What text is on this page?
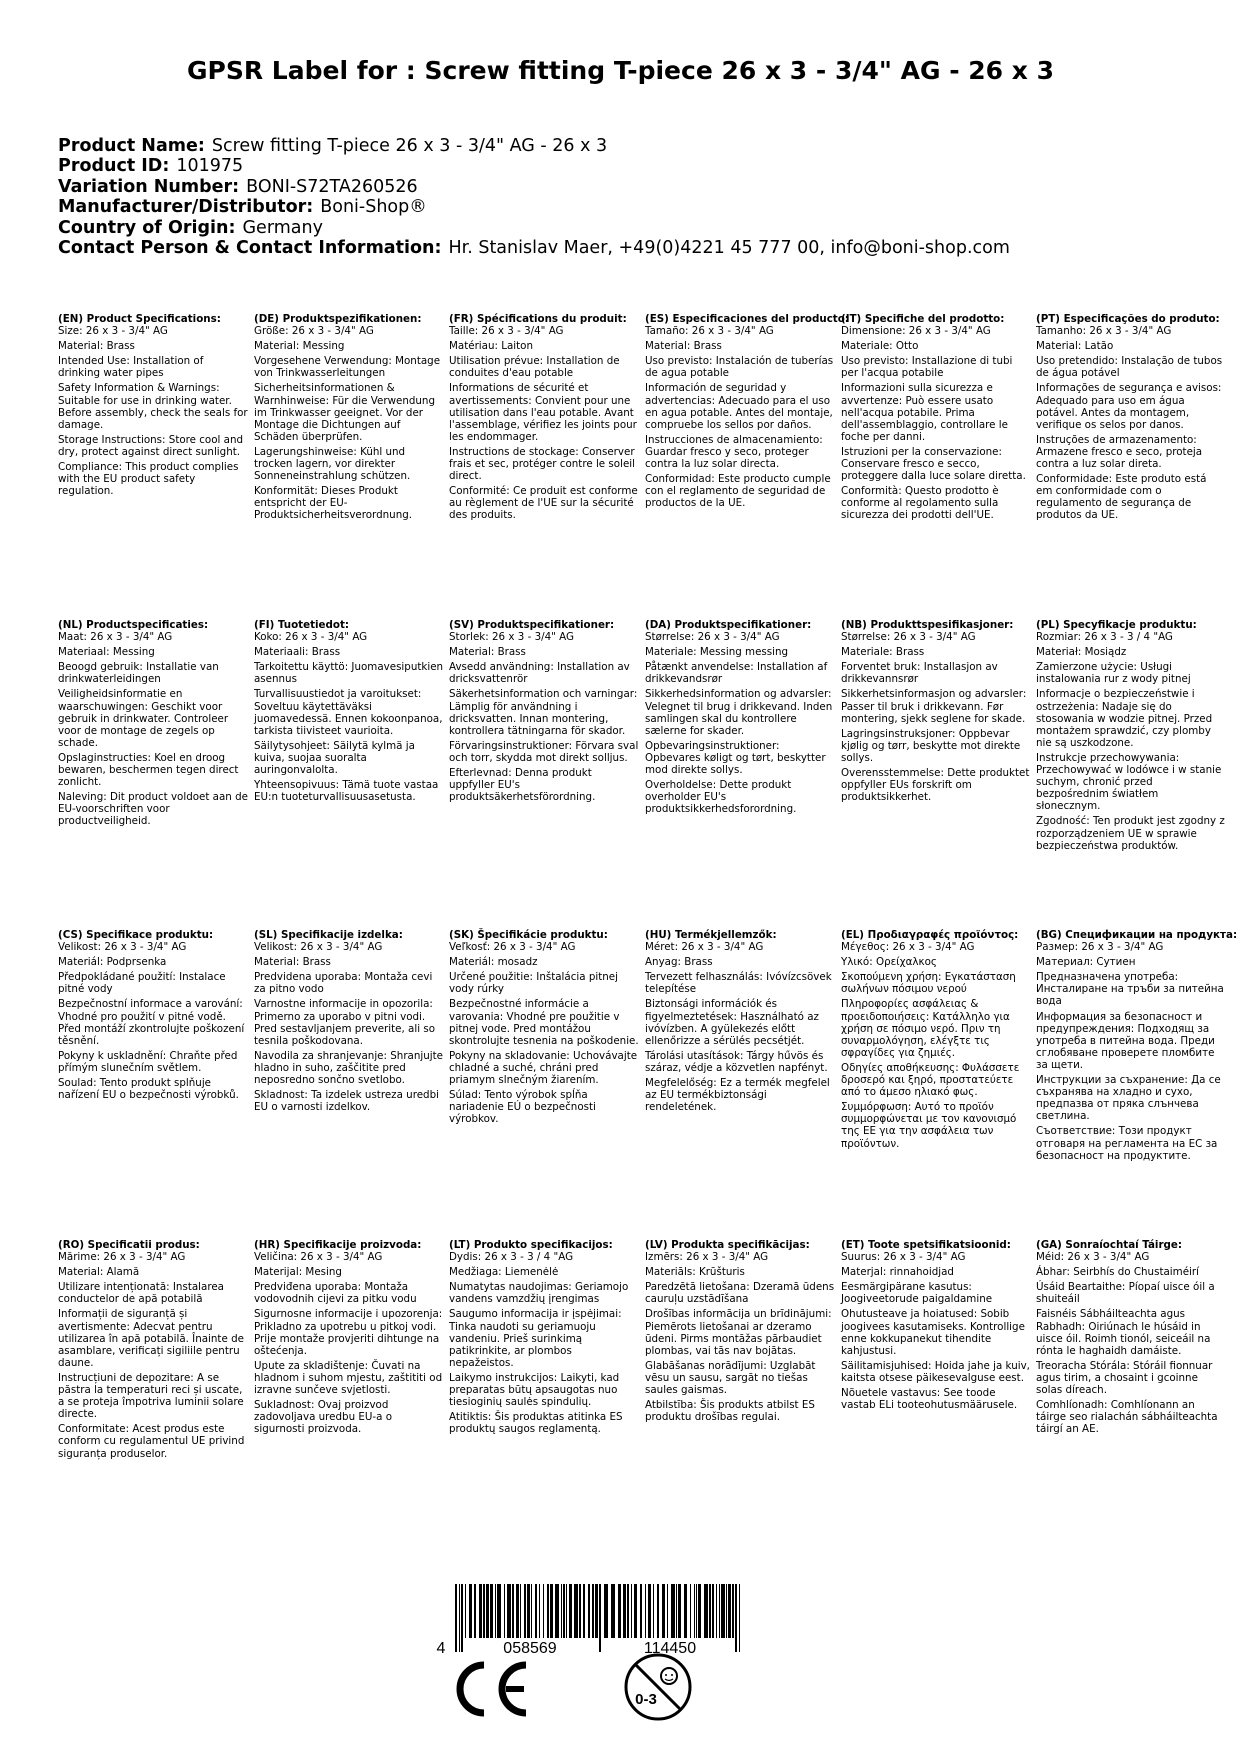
GPSR Label for : Screw fitting T-piece 26 x 3 - 3/4" AG - 26 x 3
Product Name: Screw fitting T-piece 26 x 3 - 3/4" AG - 26 x 3
Product ID: 101975
Variation Number: BONI-S72TA260526
Manufacturer/Distributor: Boni-Shop®
Country of Origin: Germany
Contact Person & Contact Information: Hr. Stanislav Maer, +49(0)4221 45 777 00, info@boni-shop.com
(EN) Product Specifications:
Size: 26 x 3 - 3/4" AG
Material: Brass
Intended Use: Installation of drinking water pipes
Safety Information & Warnings: Suitable for use in drinking water. Before assembly, check the seals for damage.
Storage Instructions: Store cool and dry, protect against direct sunlight.
Compliance: This product complies with the EU product safety regulation.
(DE) Produktspezifikationen:
Größe: 26 x 3 - 3/4" AG
Material: Messing
Vorgesehene Verwendung: Montage von Trinkwasserleitungen
Sicherheitsinformationen & Warnhinweise: Für die Verwendung im Trinkwasser geeignet. Vor der Montage die Dichtungen auf Schäden überprüfen.
Lagerungshinweise: Kühl und trocken lagern, vor direkter Sonneneinstrahlung schützen.
Konformität: Dieses Produkt entspricht der EU-Produktsicherheitsverordnung.
(FR) Spécifications du produit:
Taille: 26 x 3 - 3/4" AG
Matériau: Laiton
Utilisation prévue: Installation de conduites d'eau potable
Informations de sécurité et avertissements: Convient pour une utilisation dans l'eau potable. Avant l'assemblage, vérifiez les joints pour les endommager.
Instructions de stockage: Conserver frais et sec, protéger contre le soleil direct.
Conformité: Ce produit est conforme au règlement de l'UE sur la sécurité des produits.
(ES) Especificaciones del producto:
Tamaño: 26 x 3 - 3/4" AG
Material: Brass
Uso previsto: Instalación de tuberías de agua potable
Información de seguridad y advertencias: Adecuado para el uso en agua potable. Antes del montaje, compruebe los sellos por daños.
Instrucciones de almacenamiento: Guardar fresco y seco, proteger contra la luz solar directa.
Conformidad: Este producto cumple con el reglamento de seguridad de productos de la UE.
(IT) Specifiche del prodotto:
Dimensione: 26 x 3 - 3/4" AG
Materiale: Otto
Uso previsto: Installazione di tubi per l'acqua potabile
Informazioni sulla sicurezza e avvertenze: Può essere usato nell'acqua potabile. Prima dell'assemblaggio, controllare le foche per danni.
Istruzioni per la conservazione: Conservare fresco e secco, proteggere dalla luce solare diretta.
Conformità: Questo prodotto è conforme al regolamento sulla sicurezza dei prodotti dell'UE.
(PT) Especificações do produto:
Tamanho: 26 x 3 - 3/4" AG
Material: Latão
Uso pretendido: Instalação de tubos de água potável
Informações de segurança e avisos: Adequado para uso em água potável. Antes da montagem, verifique os selos por danos.
Instruções de armazenamento: Armazene fresco e seco, proteja contra a luz solar direta.
Conformidade: Este produto está em conformidade com o regulamento de segurança de produtos da UE.
(NL) Productspecificaties:
Maat: 26 x 3 - 3/4" AG
Materiaal: Messing
Beoogd gebruik: Installatie van drinkwaterleidingen
Veiligheidsinformatie en waarschuwingen: Geschikt voor gebruik in drinkwater. Controleer voor de montage de zegels op schade.
Opslaginstructies: Koel en droog bewaren, beschermen tegen direct zonlicht.
Naleving: Dit product voldoet aan de EU-voorschriften voor productveiligheid.
(FI) Tuotetiedot:
Koko: 26 x 3 - 3/4" AG
Materiaali: Brass
Tarkoitettu käyttö: Juomavesiputkien asennus
Turvallisuustiedot ja varoitukset: Soveltuu käytettäväksi juomavedessä. Ennen kokoonpanoa, tarkista tiivisteet vaurioita.
Säilytysohjeet: Säilytä kylmä ja kuiva, suojaa suoralta auringonvalolta.
Yhteensopivuus: Tämä tuote vastaa EU:n tuoteturvallisuusasetusta.
(SV) Produktspecifikationer:
Storlek: 26 x 3 - 3/4" AG
Material: Brass
Avsedd användning: Installation av dricksvattenrör
Säkerhetsinformation och varningar: Lämplig för användning i dricksvatten. Innan montering, kontrollera tätningarna för skador.
Förvaringsinstruktioner: Förvara sval och torr, skydda mot direkt solljus.
Efterlevnad: Denna produkt uppfyller EU's produktsäkerhetsförordning.
(DA) Produktspecifikationer:
Størrelse: 26 x 3 - 3/4" AG
Materiale: Messing messing
Påtænkt anvendelse: Installation af drikkevandsrør
Sikkerhedsinformation og advarsler: Velegnet til brug i drikkevand. Inden samlingen skal du kontrollere sælerne for skader.
Opbevaringsinstruktioner: Opbevares køligt og tørt, beskytter mod direkte sollys.
Overholdelse: Dette produkt overholder EU's produktsikkerhedsforordning.
(NB) Produkttspesifikasjoner:
Størrelse: 26 x 3 - 3/4" AG
Materiale: Brass
Forventet bruk: Installasjon av drikkevannsrør
Sikkerhetsinformasjon og advarsler: Passer til bruk i drikkevann. Før montering, sjekk seglene for skade.
Lagringsinstruksjoner: Oppbevar kjølig og tørr, beskytte mot direkte sollys.
Overensstemmelse: Dette produktet oppfyller EUs forskrift om produktsikkerhet.
(PL) Specyfikacje produktu:
Rozmiar: 26 x 3 - 3 / 4 "AG
Materiał: Mosiądz
Zamierzone użycie: Usługi instalowania rur z wody pitnej
Informacje o bezpieczeństwie i ostrzeżenia: Nadaje się do stosowania w wodzie pitnej. Przed montażem sprawdzić, czy plomby nie są uszkodzone.
Instrukcje przechowywania: Przechowywać w lodówce i w stanie suchym, chronić przed bezpośrednim światłem słonecznym.
Zgodność: Ten produkt jest zgodny z rozporządzeniem UE w sprawie bezpieczeństwa produktów.
(CS) Specifikace produktu:
Velikost: 26 x 3 - 3/4" AG
Materiál: Podprsenka
Předpokládané použití: Instalace pitné vody
Bezpečnostní informace a varování: Vhodné pro použití v pitné vodě. Před montáží zkontrolujte poškození těsnění.
Pokyny k uskladnění: Chraňte před přímým slunečním světlem.
Soulad: Tento produkt splňuje nařízení EU o bezpečnosti výrobků.
(SL) Specifikacije izdelka:
Velikost: 26 x 3 - 3/4" AG
Material: Brass
Predvidena uporaba: Montaža cevi za pitno vodo
Varnostne informacije in opozorila: Primerno za uporabo v pitni vodi. Pred sestavljanjem preverite, ali so tesnila poškodovana.
Navodila za shranjevanje: Shranjujte hladno in suho, zaščitite pred neposredno sončno svetlobo.
Skladnost: Ta izdelek ustreza uredbi EU o varnosti izdelkov.
(SK) Špecifikácie produktu:
Veľkosť: 26 x 3 - 3/4" AG
Materiál: mosadz
Určené použitie: Inštalácia pitnej vody rúrky
Bezpečnostné informácie a varovania: Vhodné pre použitie v pitnej vode. Pred montážou skontrolujte tesnenia na poškodenie.
Pokyny na skladovanie: Uchovávajte chladné a suché, chráni pred priamym slnečným žiarením.
Súlad: Tento výrobok spĺňa nariadenie EÚ o bezpečnosti výrobkov.
(HU) Termékjellemzők:
Méret: 26 x 3 - 3/4" AG
Anyag: Brass
Tervezett felhasználás: Ivóvízcsövek telepítése
Biztonsági információk és figyelmeztetések: Használható az ivóvízben. A gyülekezés előtt ellenőrizze a sérülés pecsétjét.
Tárolási utasítások: Tárgy hűvös és száraz, védje a közvetlen napfényt.
Megfelelőség: Ez a termék megfelel az EU termékbiztonsági rendeletének.
(EL) Προδιαγραφές προϊόντος:
Μέγεθος: 26 x 3 - 3/4" AG
Υλικό: Ορείχαλκος
Σκοπούμενη χρήση: Εγκατάσταση σωλήνων πόσιμου νερού
Πληροφορίες ασφάλειας & προειδοποιήσεις: Κατάλληλο για χρήση σε πόσιμο νερό. Πριν τη συναρμολόγηση, ελέγξτε τις σφραγίδες για ζημιές.
Οδηγίες αποθήκευσης: Φυλάσσετε δροσερό και ξηρό, προστατεύετε από το άμεσο ηλιακό φως.
Συμμόρφωση: Αυτό το προϊόν συμμορφώνεται με τον κανονισμό της ΕΕ για την ασφάλεια των προϊόντων.
(BG) Спецификации на продукта:
Размер: 26 x 3 - 3/4" AG
Материал: Сутиен
Предназначена употреба: Инсталиране на тръби за питейна вода
Информация за безопасност и предупреждения: Подходящ за употреба в питейна вода. Преди сглобяване проверете пломбите за щети.
Инструкции за съхранение: Да се съхранява на хладно и сухо, предпазва от пряка слънчева светлина.
Съответствие: Този продукт отговаря на регламента на ЕС за безопасност на продуктите.
(RO) Specificatii produs:
Mărime: 26 x 3 - 3/4" AG
Material: Alamă
Utilizare intenționată: Instalarea conductelor de apă potabilă
Informații de siguranță și avertismente: Adecvat pentru utilizarea în apă potabilă. Înainte de asamblare, verificați sigiliile pentru daune.
Instrucțiuni de depozitare: A se păstra la temperaturi reci și uscate, a se proteja împotriva luminii solare directe.
Conformitate: Acest produs este conform cu regulamentul UE privind siguranța produselor.
(HR) Specifikacije proizvoda:
Veličina: 26 x 3 - 3/4" AG
Materijal: Mesing
Predviđena uporaba: Montaža vodovodnih cijevi za pitku vodu
Sigurnosne informacije i upozorenja: Prikladno za upotrebu u pitkoj vodi. Prije montaže provjeriti dihtunge na oštećenja.
Upute za skladištenje: Čuvati na hladnom i suhom mjestu, zaštititi od izravne sunčeve svjetlosti.
Sukladnost: Ovaj proizvod zadovoljava uredbu EU-a o sigurnosti proizvoda.
(LT) Produkto specifikacijos:
Dydis: 26 x 3 - 3 / 4 "AG
Medžiaga: Liemenėlė
Numatytas naudojimas: Geriamojo vandens vamzdžių įrengimas
Saugumo informacija ir įspėjimai: Tinka naudoti su geriamuoju vandeniu. Prieš surinkimą patikrinkite, ar plombos nepažeistos.
Laikymo instrukcijos: Laikyti, kad preparatas būtų apsaugotas nuo tiesioginių saulės spindulių.
Atitiktis: Šis produktas atitinka ES produktų saugos reglamentą.
(LV) Produkta specifikācijas:
Izmērs: 26 x 3 - 3/4" AG
Materiāls: Krūšturis
Paredzētā lietošana: Dzeramā ūdens cauruļu uzstādīšana
Drošības informācija un brīdinājumi: Piemērots lietošanai ar dzeramo ūdeni. Pirms montāžas pārbaudiet plombas, vai tās nav bojātas.
Glabāšanas norādījumi: Uzglabāt vēsu un sausu, sargāt no tiešas saules gaismas.
Atbilstība: Šis produkts atbilst ES produktu drošības regulai.
(ET) Toote spetsifikatsioonid:
Suurus: 26 x 3 - 3/4" AG
Materjal: rinnahoidjad
Eesmärgipärane kasutus: Joogiveetorude paigaldamine
Ohutusteave ja hoiatused: Sobib joogivees kasutamiseks. Kontrollige enne kokkupanekut tihendite kahjustusi.
Säilitamisjuhised: Hoida jahe ja kuiv, kaitsta otsese päikesevalguse eest.
Nõuetele vastavus: See toode vastab ELi tooteohutusmäärusele.
(GA) Sonraíochtaí Táirge:
Méid: 26 x 3 - 3/4" AG
Ábhar: Seirbhís do Chustaiméirí
Úsáid Beartaithe: Píopaí uisce óil a shuiteáil
Faisnéis Sábháilteachta agus Rabhadh: Oiriúnach le húsáid in uisce óil. Roimh tionól, seiceáil na rónta le haghaidh damáiste.
Treoracha Stórála: Stóráil fionnuar agus tirim, a chosaint i gcoinne solas díreach.
Comhlíonadh: Comhlíonann an táirge seo rialachán sábháilteachta táirgí an AE.
4	058569	114450
0-3
